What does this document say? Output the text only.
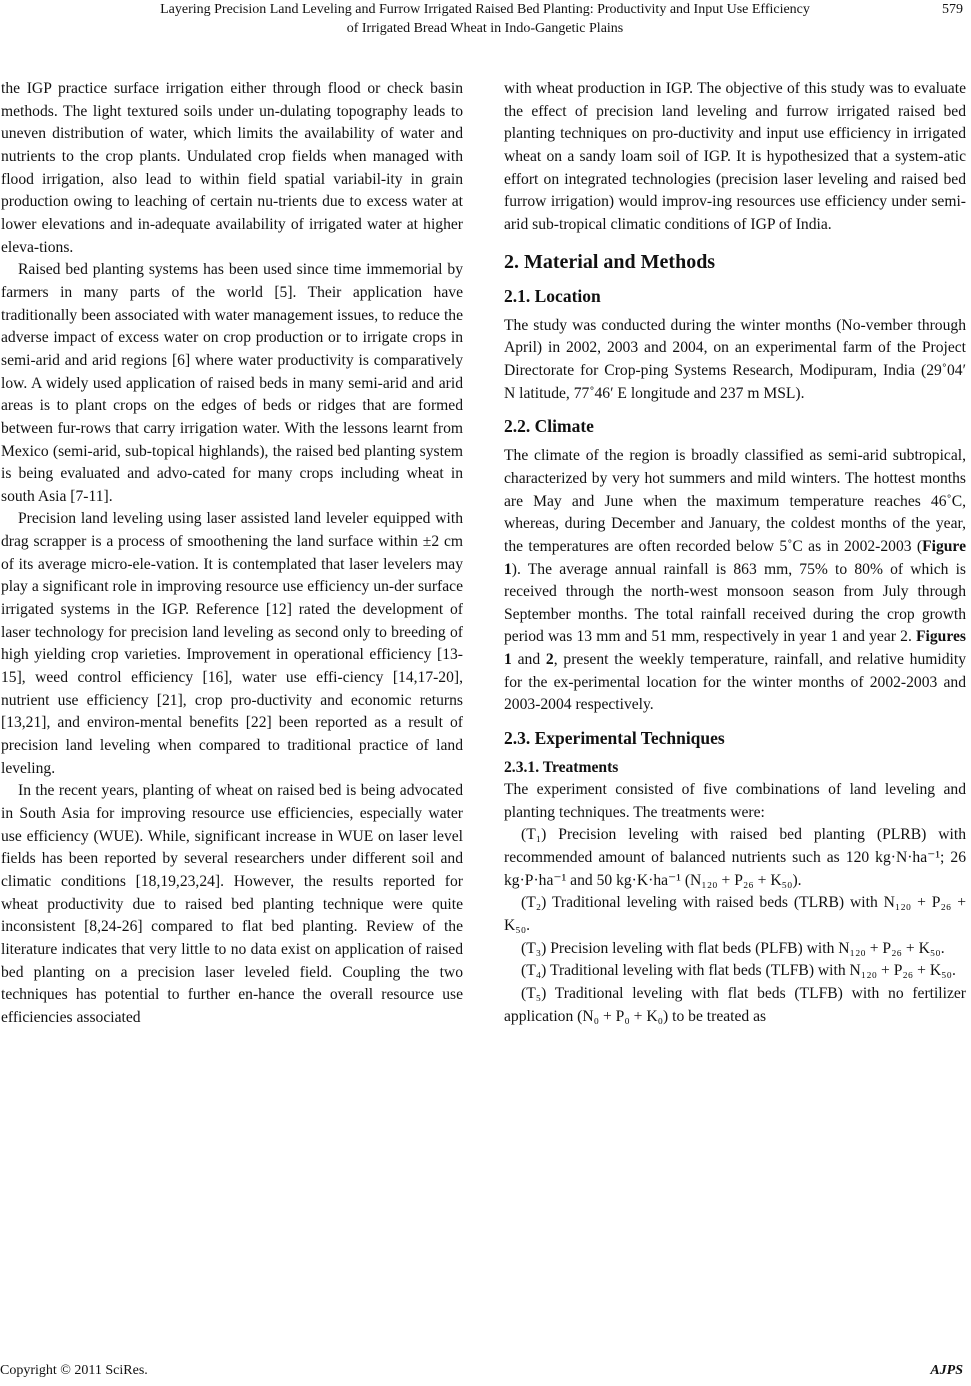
Layering Precision Land Leveling and Furrow Irrigated Raised Bed Planting: Productivity and Input Use Efficiency
of Irrigated Bread Wheat in Indo-Gangetic Plains
579

the IGP practice surface irrigation either through flood or check basin methods. The light textured soils under un-dulating topography leads to uneven distribution of water, which limits the availability of water and nutrients to the crop plants. Undulated crop fields when managed with flood irrigation, also lead to within field spatial variabil-ity in grain production owing to leaching of certain nu-trients due to excess water at lower elevations and in-adequate availability of irrigated water at higher eleva-tions.

Raised bed planting systems has been used since time immemorial by farmers in many parts of the world [5]. Their application have traditionally been associated with water management issues, to reduce the adverse impact of excess water on crop production or to irrigate crops in semi-arid and arid regions [6] where water productivity is comparatively low. A widely used application of raised beds in many semi-arid and arid areas is to plant crops on the edges of beds or ridges that are formed between fur-rows that carry irrigation water. With the lessons learnt from Mexico (semi-arid, sub-topical highlands), the raised bed planting system is being evaluated and advo-cated for many crops including wheat in south Asia [7-11].

Precision land leveling using laser assisted land leveler equipped with drag scrapper is a process of smoothening the land surface within ±2 cm of its average micro-ele-vation. It is contemplated that laser levelers may play a significant role in improving resource use efficiency un-der surface irrigated systems in the IGP. Reference [12] rated the development of laser technology for precision land leveling as second only to breeding of high yielding crop varieties. Improvement in operational efficiency [13-15], weed control efficiency [16], water use effi-ciency [14,17-20], nutrient use efficiency [21], crop pro-ductivity and economic returns [13,21], and environ-mental benefits [22] been reported as a result of precision land leveling when compared to traditional practice of land leveling.

In the recent years, planting of wheat on raised bed is being advocated in South Asia for improving resource use efficiencies, especially water use efficiency (WUE). While, significant increase in WUE on laser level fields has been reported by several researchers under different soil and climatic conditions [18,19,23,24]. However, the results reported for wheat productivity due to raised bed planting technique were quite inconsistent [8,24-26] compared to flat bed planting. Review of the literature indicates that very little to no data exist on application of raised bed planting on a precision laser leveled field. Coupling the two techniques has potential to further en-hance the overall resource use efficiencies associated

with wheat production in IGP. The objective of this study was to evaluate the effect of precision land leveling and furrow irrigated raised bed planting techniques on pro-ductivity and input use efficiency in irrigated wheat on a sandy loam soil of IGP. It is hypothesized that a system-atic effort on integrated technologies (precision laser leveling and raised bed furrow irrigation) would improv-ing resources use efficiency under semi-arid sub-tropical climatic conditions of IGP of India.

2. Material and Methods
2.1. Location

The study was conducted during the winter months (No-vember through April) in 2002, 2003 and 2004, on an experimental farm of the Project Directorate for Crop-ping Systems Research, Modipuram, India (29˚04′ N latitude, 77˚46′ E longitude and 237 m MSL).

2.2. Climate

The climate of the region is broadly classified as semi-arid subtropical, characterized by very hot summers and mild winters. The hottest months are May and June when the maximum temperature reaches 46˚C, whereas, during December and January, the coldest months of the year, the temperatures are often recorded below 5˚C as in 2002-2003 (Figure 1). The average annual rainfall is 863 mm, 75% to 80% of which is received through the north-west monsoon season from July through September months. The total rainfall received during the crop growth period was 13 mm and 51 mm, respectively in year 1 and year 2. Figures 1 and 2, present the weekly temperature, rainfall, and relative humidity for the ex-perimental location for the winter months of 2002-2003 and 2003-2004 respectively.

2.3. Experimental Techniques
2.3.1. Treatments

The experiment consisted of five combinations of land leveling and planting techniques. The treatments were:

(T₁) Precision leveling with raised bed planting (PLRB) with recommended amount of balanced nutrients such as 120 kg·N·ha⁻¹; 26 kg·P·ha⁻¹ and 50 kg·K·ha⁻¹ (N₁₂₀ + P₂₆ + K₅₀).

(T₂) Traditional leveling with raised beds (TLRB) with N₁₂₀ + P₂₆ + K₅₀.

(T₃) Precision leveling with flat beds (PLFB) with N₁₂₀ + P₂₆ + K₅₀.

(T₄) Traditional leveling with flat beds (TLFB) with N₁₂₀ + P₂₆ + K₅₀.

(T₅) Traditional leveling with flat beds (TLFB) with no fertilizer application (N₀ + P₀ + K₀) to be treated as

Copyright © 2011 SciRes.	AJPS
